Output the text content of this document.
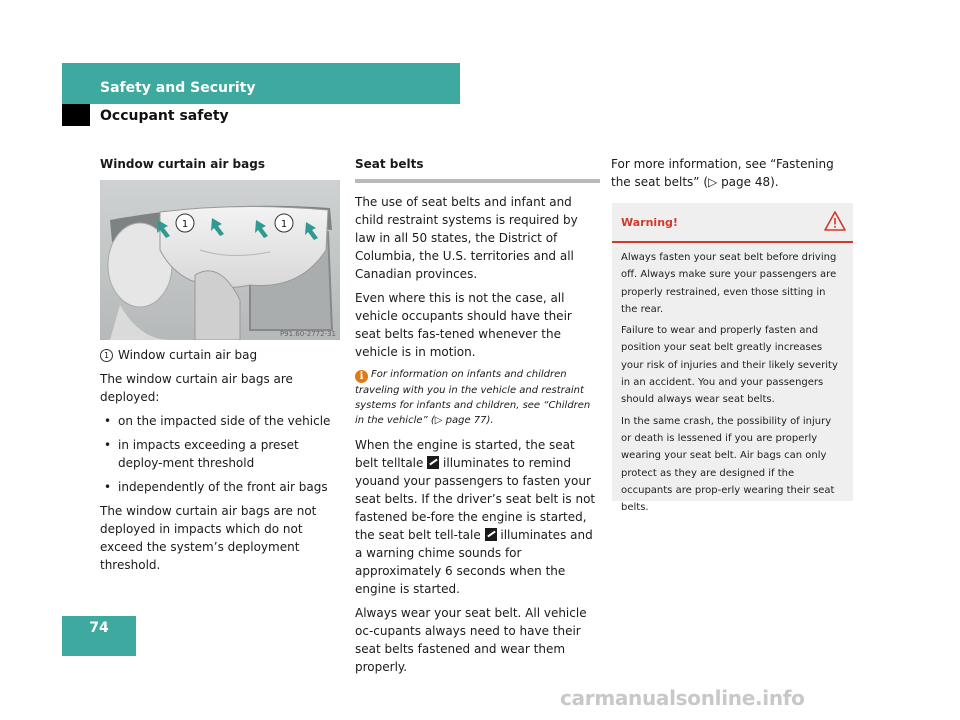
Safety and Security
Occupant safety

Window curtain air bags

1	1
P91.60-2772-31

1 Window curtain air bag

The window curtain air bags are deployed:

• on the impacted side of the vehicle
• in impacts exceeding a preset deploy-ment threshold
• independently of the front air bags

The window curtain air bags are not deployed in impacts which do not exceed the system’s deployment threshold.

Seat belts

The use of seat belts and infant and child restraint systems is required by law in all 50 states, the District of Columbia, the U.S. territories and all Canadian provinces.

Even where this is not the case, all vehicle occupants should have their seat belts fas-tened whenever the vehicle is in motion.

i For information on infants and children traveling with you in the vehicle and restraint systems for infants and children, see “Children in the vehicle” (▷ page 77).

When the engine is started, the seat belt telltale illuminates to remind youand your passengers to fasten your seat belts. If the driver’s seat belt is not fastened be-fore the engine is started, the seat belt tell-tale illuminates and a warning chime sounds for approximately 6 seconds when the engine is started.

Always wear your seat belt. All vehicle oc-cupants always need to have their seat belts fastened and wear them properly.

For more information, see “Fastening the seat belts” (▷ page 48).

Warning!

Always fasten your seat belt before driving off. Always make sure your passengers are properly restrained, even those sitting in the rear.

Failure to wear and properly fasten and position your seat belt greatly increases your risk of injuries and their likely severity in an accident. You and your passengers should always wear seat belts.

In the same crash, the possibility of injury or death is lessened if you are properly wearing your seat belt. Air bags can only protect as they are designed if the occupants are prop-erly wearing their seat belts.

74
carmanualsonline.info
